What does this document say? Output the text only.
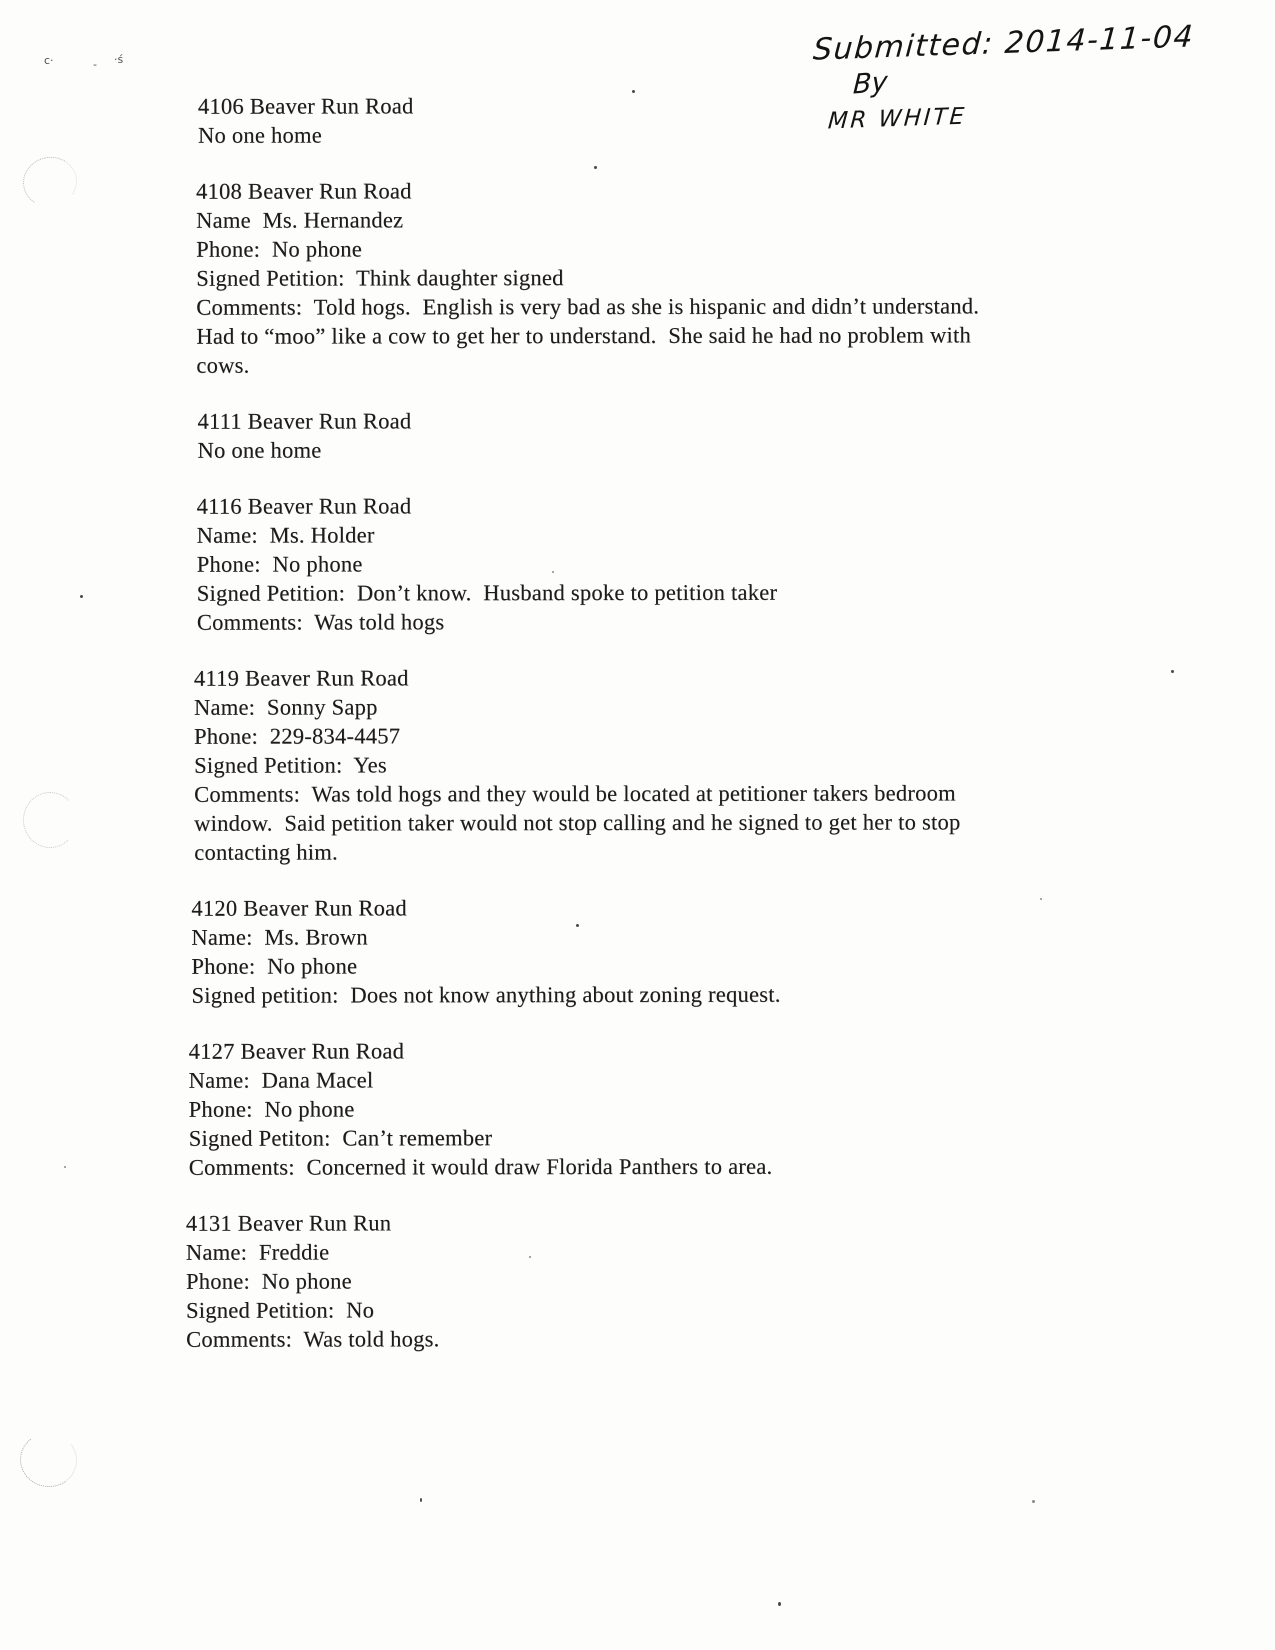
Submitted: 2014-11-04
By
MR WHITE
4106 Beaver Run Road
No one home
4108 Beaver Run Road
Name  Ms. Hernandez
Phone:  No phone
Signed Petition:  Think daughter signed
Comments:  Told hogs.  English is very bad as she is hispanic and didn’t understand.
Had to “moo” like a cow to get her to understand.  She said he had no problem with
cows.
4111 Beaver Run Road
No one home
4116 Beaver Run Road
Name:  Ms. Holder
Phone:  No phone
Signed Petition:  Don’t know.  Husband spoke to petition taker
Comments:  Was told hogs
4119 Beaver Run Road
Name:  Sonny Sapp
Phone:  229-834-4457
Signed Petition:  Yes
Comments:  Was told hogs and they would be located at petitioner takers bedroom
window.  Said petition taker would not stop calling and he signed to get her to stop
contacting him.
4120 Beaver Run Road
Name:  Ms. Brown
Phone:  No phone
Signed petition:  Does not know anything about zoning request.
4127 Beaver Run Road
Name:  Dana Macel
Phone:  No phone
Signed Petiton:  Can’t remember
Comments:  Concerned it would draw Florida Panthers to area.
4131 Beaver Run Run
Name:  Freddie
Phone:  No phone
Signed Petition:  No
Comments:  Was told hogs.
c·	- ·ś
